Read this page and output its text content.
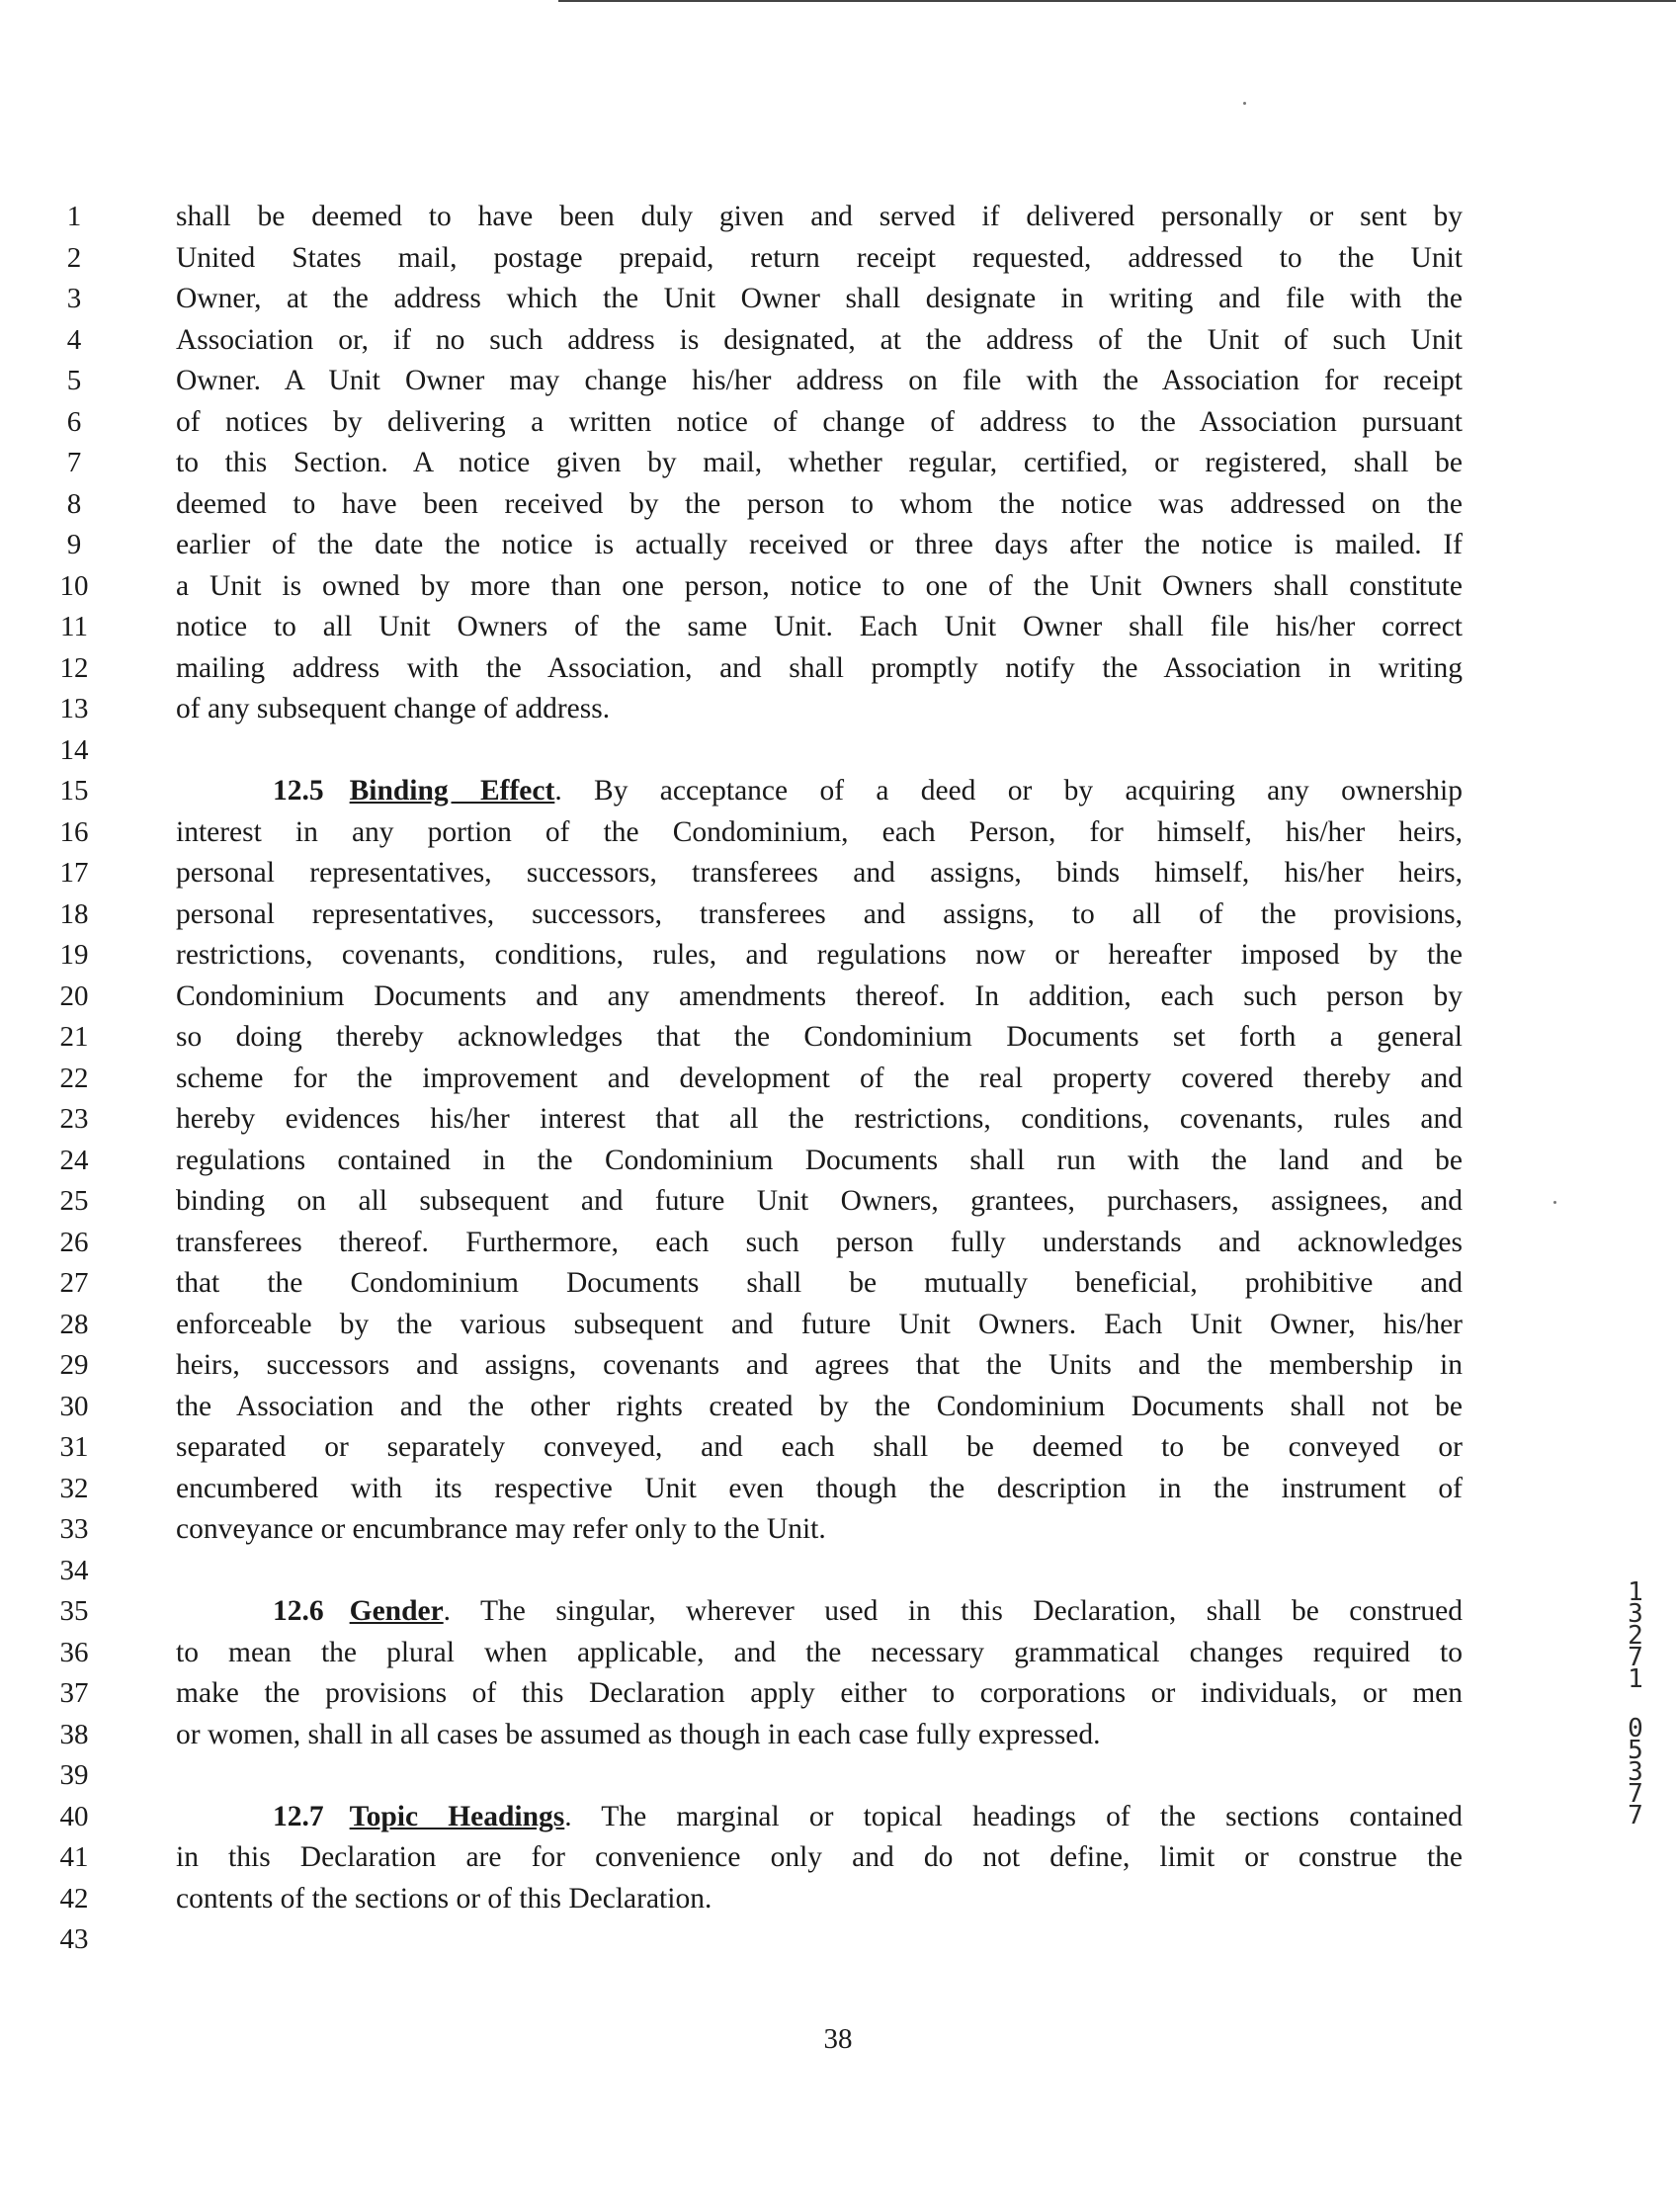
1	shall be deemed to have been duly given and served if delivered personally or sent by
2	United States mail, postage prepaid, return receipt requested, addressed to the Unit
3	Owner, at the address which the Unit Owner shall designate in writing and file with the
4	Association or, if no such address is designated, at the address of the Unit of such Unit
5	Owner. A Unit Owner may change his/her address on file with the Association for receipt
6	of notices by delivering a written notice of change of address to the Association pursuant
7	to this Section. A notice given by mail, whether regular, certified, or registered, shall be
8	deemed to have been received by the person to whom the notice was addressed on the
9	earlier of the date the notice is actually received or three days after the notice is mailed. If
10	a Unit is owned by more than one person, notice to one of the Unit Owners shall constitute
11	notice to all Unit Owners of the same Unit. Each Unit Owner shall file his/her correct
12	mailing address with the Association, and shall promptly notify the Association in writing
13	of any subsequent change of address.
14
15	12.5 Binding Effect. By acceptance of a deed or by acquiring any ownership
16	interest in any portion of the Condominium, each Person, for himself, his/her heirs,
17	personal representatives, successors, transferees and assigns, binds himself, his/her heirs,
18	personal representatives, successors, transferees and assigns, to all of the provisions,
19	restrictions, covenants, conditions, rules, and regulations now or hereafter imposed by the
20	Condominium Documents and any amendments thereof. In addition, each such person by
21	so doing thereby acknowledges that the Condominium Documents set forth a general
22	scheme for the improvement and development of the real property covered thereby and
23	hereby evidences his/her interest that all the restrictions, conditions, covenants, rules and
24	regulations contained in the Condominium Documents shall run with the land and be
25	binding on all subsequent and future Unit Owners, grantees, purchasers, assignees, and
26	transferees thereof. Furthermore, each such person fully understands and acknowledges
27	that the Condominium Documents shall be mutually beneficial, prohibitive and
28	enforceable by the various subsequent and future Unit Owners. Each Unit Owner, his/her
29	heirs, successors and assigns, covenants and agrees that the Units and the membership in
30	the Association and the other rights created by the Condominium Documents shall not be
31	separated or separately conveyed, and each shall be deemed to be conveyed or
32	encumbered with its respective Unit even though the description in the instrument of
33	conveyance or encumbrance may refer only to the Unit.
34
35	12.6 Gender. The singular, wherever used in this Declaration, shall be construed
36	to mean the plural when applicable, and the necessary grammatical changes required to
37	make the provisions of this Declaration apply either to corporations or individuals, or men
38	or women, shall in all cases be assumed as though in each case fully expressed.
39
40	12.7 Topic Headings. The marginal or topical headings of the sections contained
41	in this Declaration are for convenience only and do not define, limit or construe the
42	contents of the sections or of this Declaration.
43
38
1
3
2
7
1
0
5
3
7
7
